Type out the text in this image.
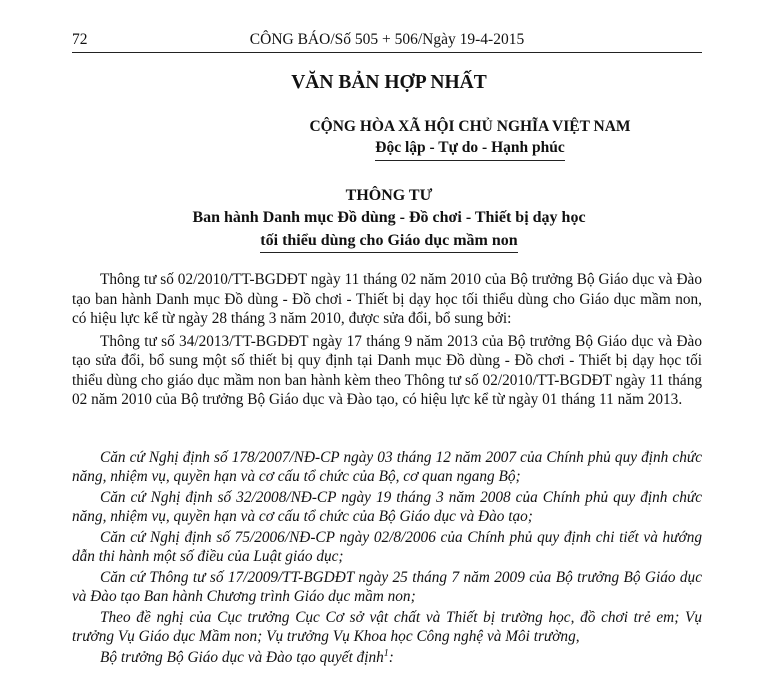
72	CÔNG BÁO/Số 505 + 506/Ngày 19-4-2015
VĂN BẢN HỢP NHẤT
CỘNG HÒA XÃ HỘI CHỦ NGHĨA VIỆT NAM
Độc lập - Tự do - Hạnh phúc
THÔNG TƯ
Ban hành Danh mục Đồ dùng - Đồ chơi - Thiết bị dạy học
tối thiểu dùng cho Giáo dục mầm non

Thông tư số 02/2010/TT-BGDĐT ngày 11 tháng 02 năm 2010 của Bộ trưởng Bộ Giáo dục và Đào tạo ban hành Danh mục Đồ dùng - Đồ chơi - Thiết bị dạy học tối thiểu dùng cho Giáo dục mầm non, có hiệu lực kể từ ngày 28 tháng 3 năm 2010, được sửa đổi, bổ sung bởi:

Thông tư số 34/2013/TT-BGDĐT ngày 17 tháng 9 năm 2013 của Bộ trưởng Bộ Giáo dục và Đào tạo sửa đổi, bổ sung một số thiết bị quy định tại Danh mục Đồ dùng - Đồ chơi - Thiết bị dạy học tối thiểu dùng cho giáo dục mầm non ban hành kèm theo Thông tư số 02/2010/TT-BGDĐT ngày 11 tháng 02 năm 2010 của Bộ trưởng Bộ Giáo dục và Đào tạo, có hiệu lực kể từ ngày 01 tháng 11 năm 2013.

Căn cứ Nghị định số 178/2007/NĐ-CP ngày 03 tháng 12 năm 2007 của Chính phủ quy định chức năng, nhiệm vụ, quyền hạn và cơ cấu tổ chức của Bộ, cơ quan ngang Bộ;

Căn cứ Nghị định số 32/2008/NĐ-CP ngày 19 tháng 3 năm 2008 của Chính phủ quy định chức năng, nhiệm vụ, quyền hạn và cơ cấu tổ chức của Bộ Giáo dục và Đào tạo;

Căn cứ Nghị định số 75/2006/NĐ-CP ngày 02/8/2006 của Chính phủ quy định chi tiết và hướng dẫn thi hành một số điều của Luật giáo dục;

Căn cứ Thông tư số 17/2009/TT-BGDĐT ngày 25 tháng 7 năm 2009 của Bộ trưởng Bộ Giáo dục và Đào tạo Ban hành Chương trình Giáo dục mầm non;

Theo đề nghị của Cục trưởng Cục Cơ sở vật chất và Thiết bị trường học, đồ chơi trẻ em; Vụ trưởng Vụ Giáo dục Mầm non; Vụ trưởng Vụ Khoa học Công nghệ và Môi trường,

Bộ trưởng Bộ Giáo dục và Đào tạo quyết định$^1$:
